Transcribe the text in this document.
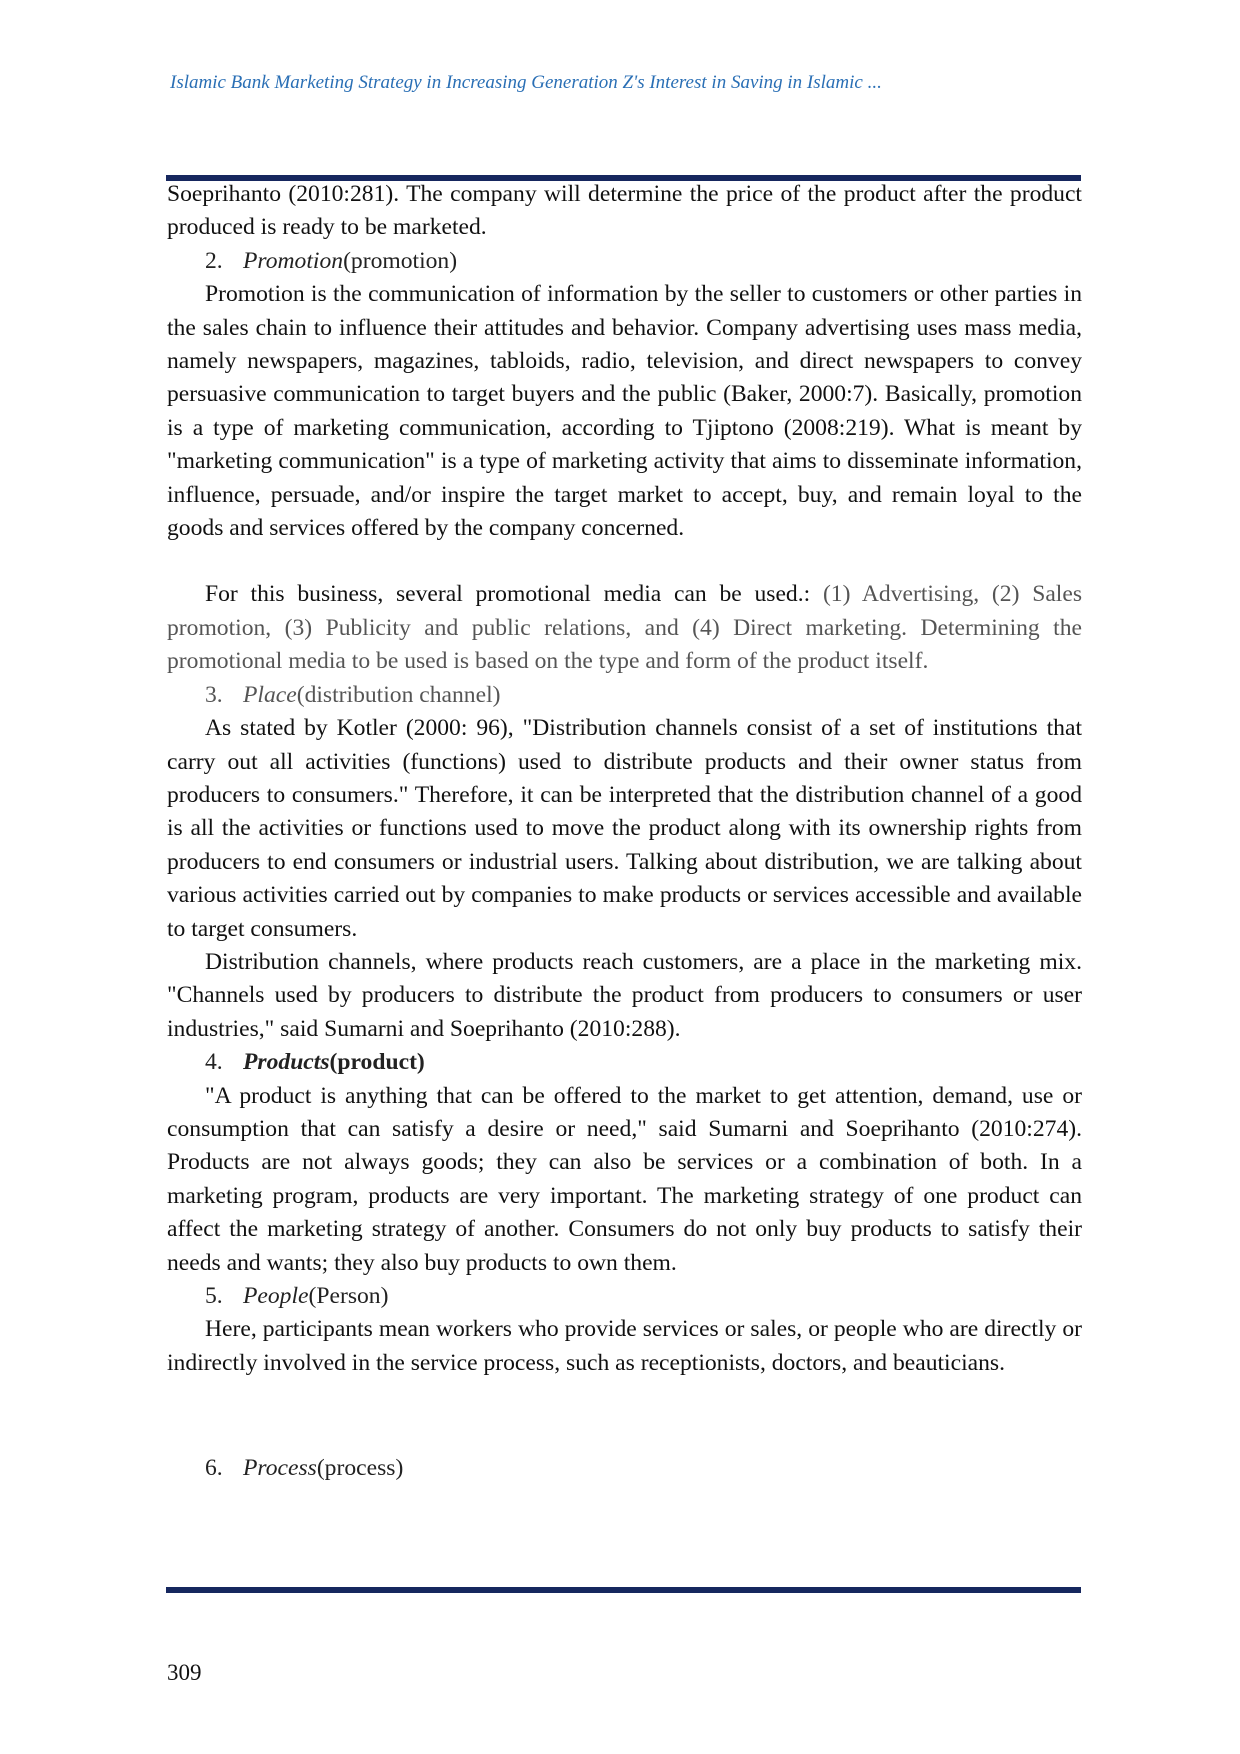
Islamic Bank Marketing Strategy in Increasing Generation Z's Interest in Saving in Islamic ...

Soeprihanto (2010:281). The company will determine the price of the product after the product produced is ready to be marketed.

2. Promotion(promotion)

Promotion is the communication of information by the seller to customers or other parties in the sales chain to influence their attitudes and behavior. Company advertising uses mass media, namely newspapers, magazines, tabloids, radio, television, and direct newspapers to convey persuasive communication to target buyers and the public (Baker, 2000:7). Basically, promotion is a type of marketing communication, according to Tjiptono (2008:219). What is meant by "marketing communication" is a type of marketing activity that aims to disseminate information, influence, persuade, and/or inspire the target market to accept, buy, and remain loyal to the goods and services offered by the company concerned.

For this business, several promotional media can be used.: (1) Advertising, (2) Sales promotion, (3) Publicity and public relations, and (4) Direct marketing. Determining the promotional media to be used is based on the type and form of the product itself.

3. Place(distribution channel)

As stated by Kotler (2000: 96), "Distribution channels consist of a set of institutions that carry out all activities (functions) used to distribute products and their owner status from producers to consumers." Therefore, it can be interpreted that the distribution channel of a good is all the activities or functions used to move the product along with its ownership rights from producers to end consumers or industrial users. Talking about distribution, we are talking about various activities carried out by companies to make products or services accessible and available to target consumers.

Distribution channels, where products reach customers, are a place in the marketing mix. "Channels used by producers to distribute the product from producers to consumers or user industries," said Sumarni and Soeprihanto (2010:288).

4. Products(product)

"A product is anything that can be offered to the market to get attention, demand, use or consumption that can satisfy a desire or need," said Sumarni and Soeprihanto (2010:274). Products are not always goods; they can also be services or a combination of both. In a marketing program, products are very important. The marketing strategy of one product can affect the marketing strategy of another. Consumers do not only buy products to satisfy their needs and wants; they also buy products to own them.

5. People(Person)

Here, participants mean workers who provide services or sales, or people who are directly or indirectly involved in the service process, such as receptionists, doctors, and beauticians.

6. Process(process)

309
